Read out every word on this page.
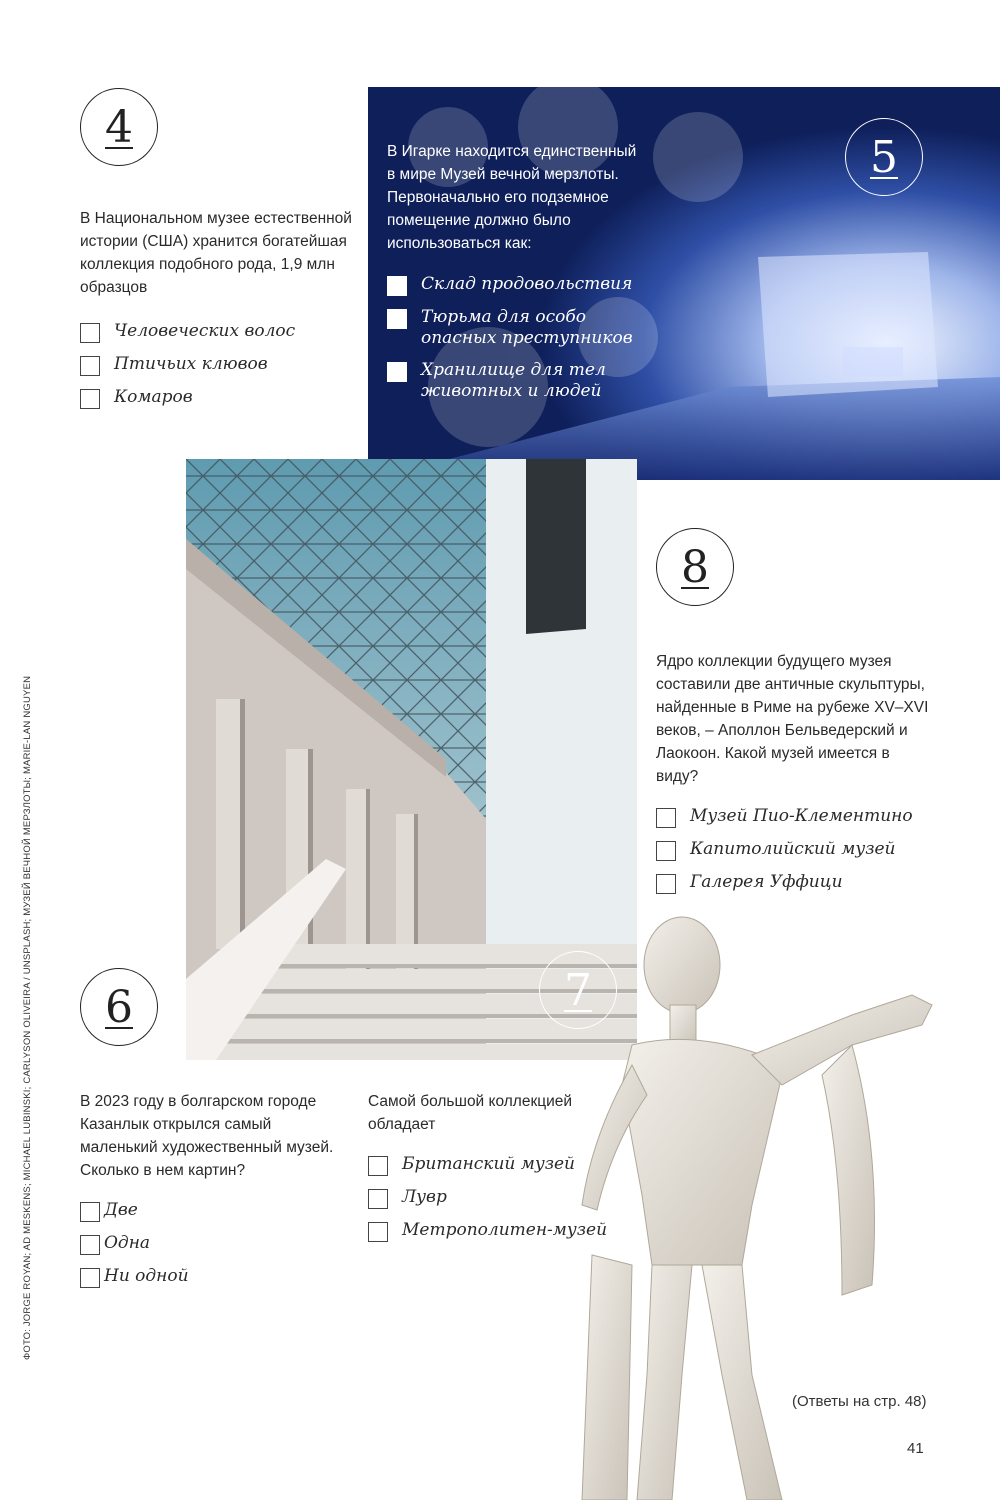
4

В Национальном музее естественной истории (США) хранится богатейшая коллекция подобного рода, 1,9 млн образцов

Человеческих волос
Птичьих клювов
Комаров
5

В Игарке находится единственный в мире Музей вечной мерзлоты. Первоначально его подземное помещение должно было использоваться как:

Склад продовольствия
Тюрьма для особо опасных преступников
Хранилище для тел животных и людей
8

Ядро коллекции будущего музея составили две античные скульптуры, найденные в Риме на рубеже XV–XVI веков, – Аполлон Бельведерский и Лаокоон. Какой музей имеется в виду?

Музей Пио-Клементино
Капитолийский музей
Галерея Уффици
7

Самой большой коллекцией обладает

Британский музей
Лувр
Метрополитен-музей
6

В 2023 году в болгарском городе Казанлык открылся самый маленький художественный музей. Сколько в нем картин?

Две
Одна
Ни одной
ФОТО: JORGE ROYAN; AD MESKENS; MICHAEL LUBINSKI; CARLYSON OLIVEIRA / UNSPLASH; МУЗЕЙ ВЕЧНОЙ МЕРЗЛОТЫ; MARIE-LAN NGUYEN
(Ответы на стр. 48)
41
